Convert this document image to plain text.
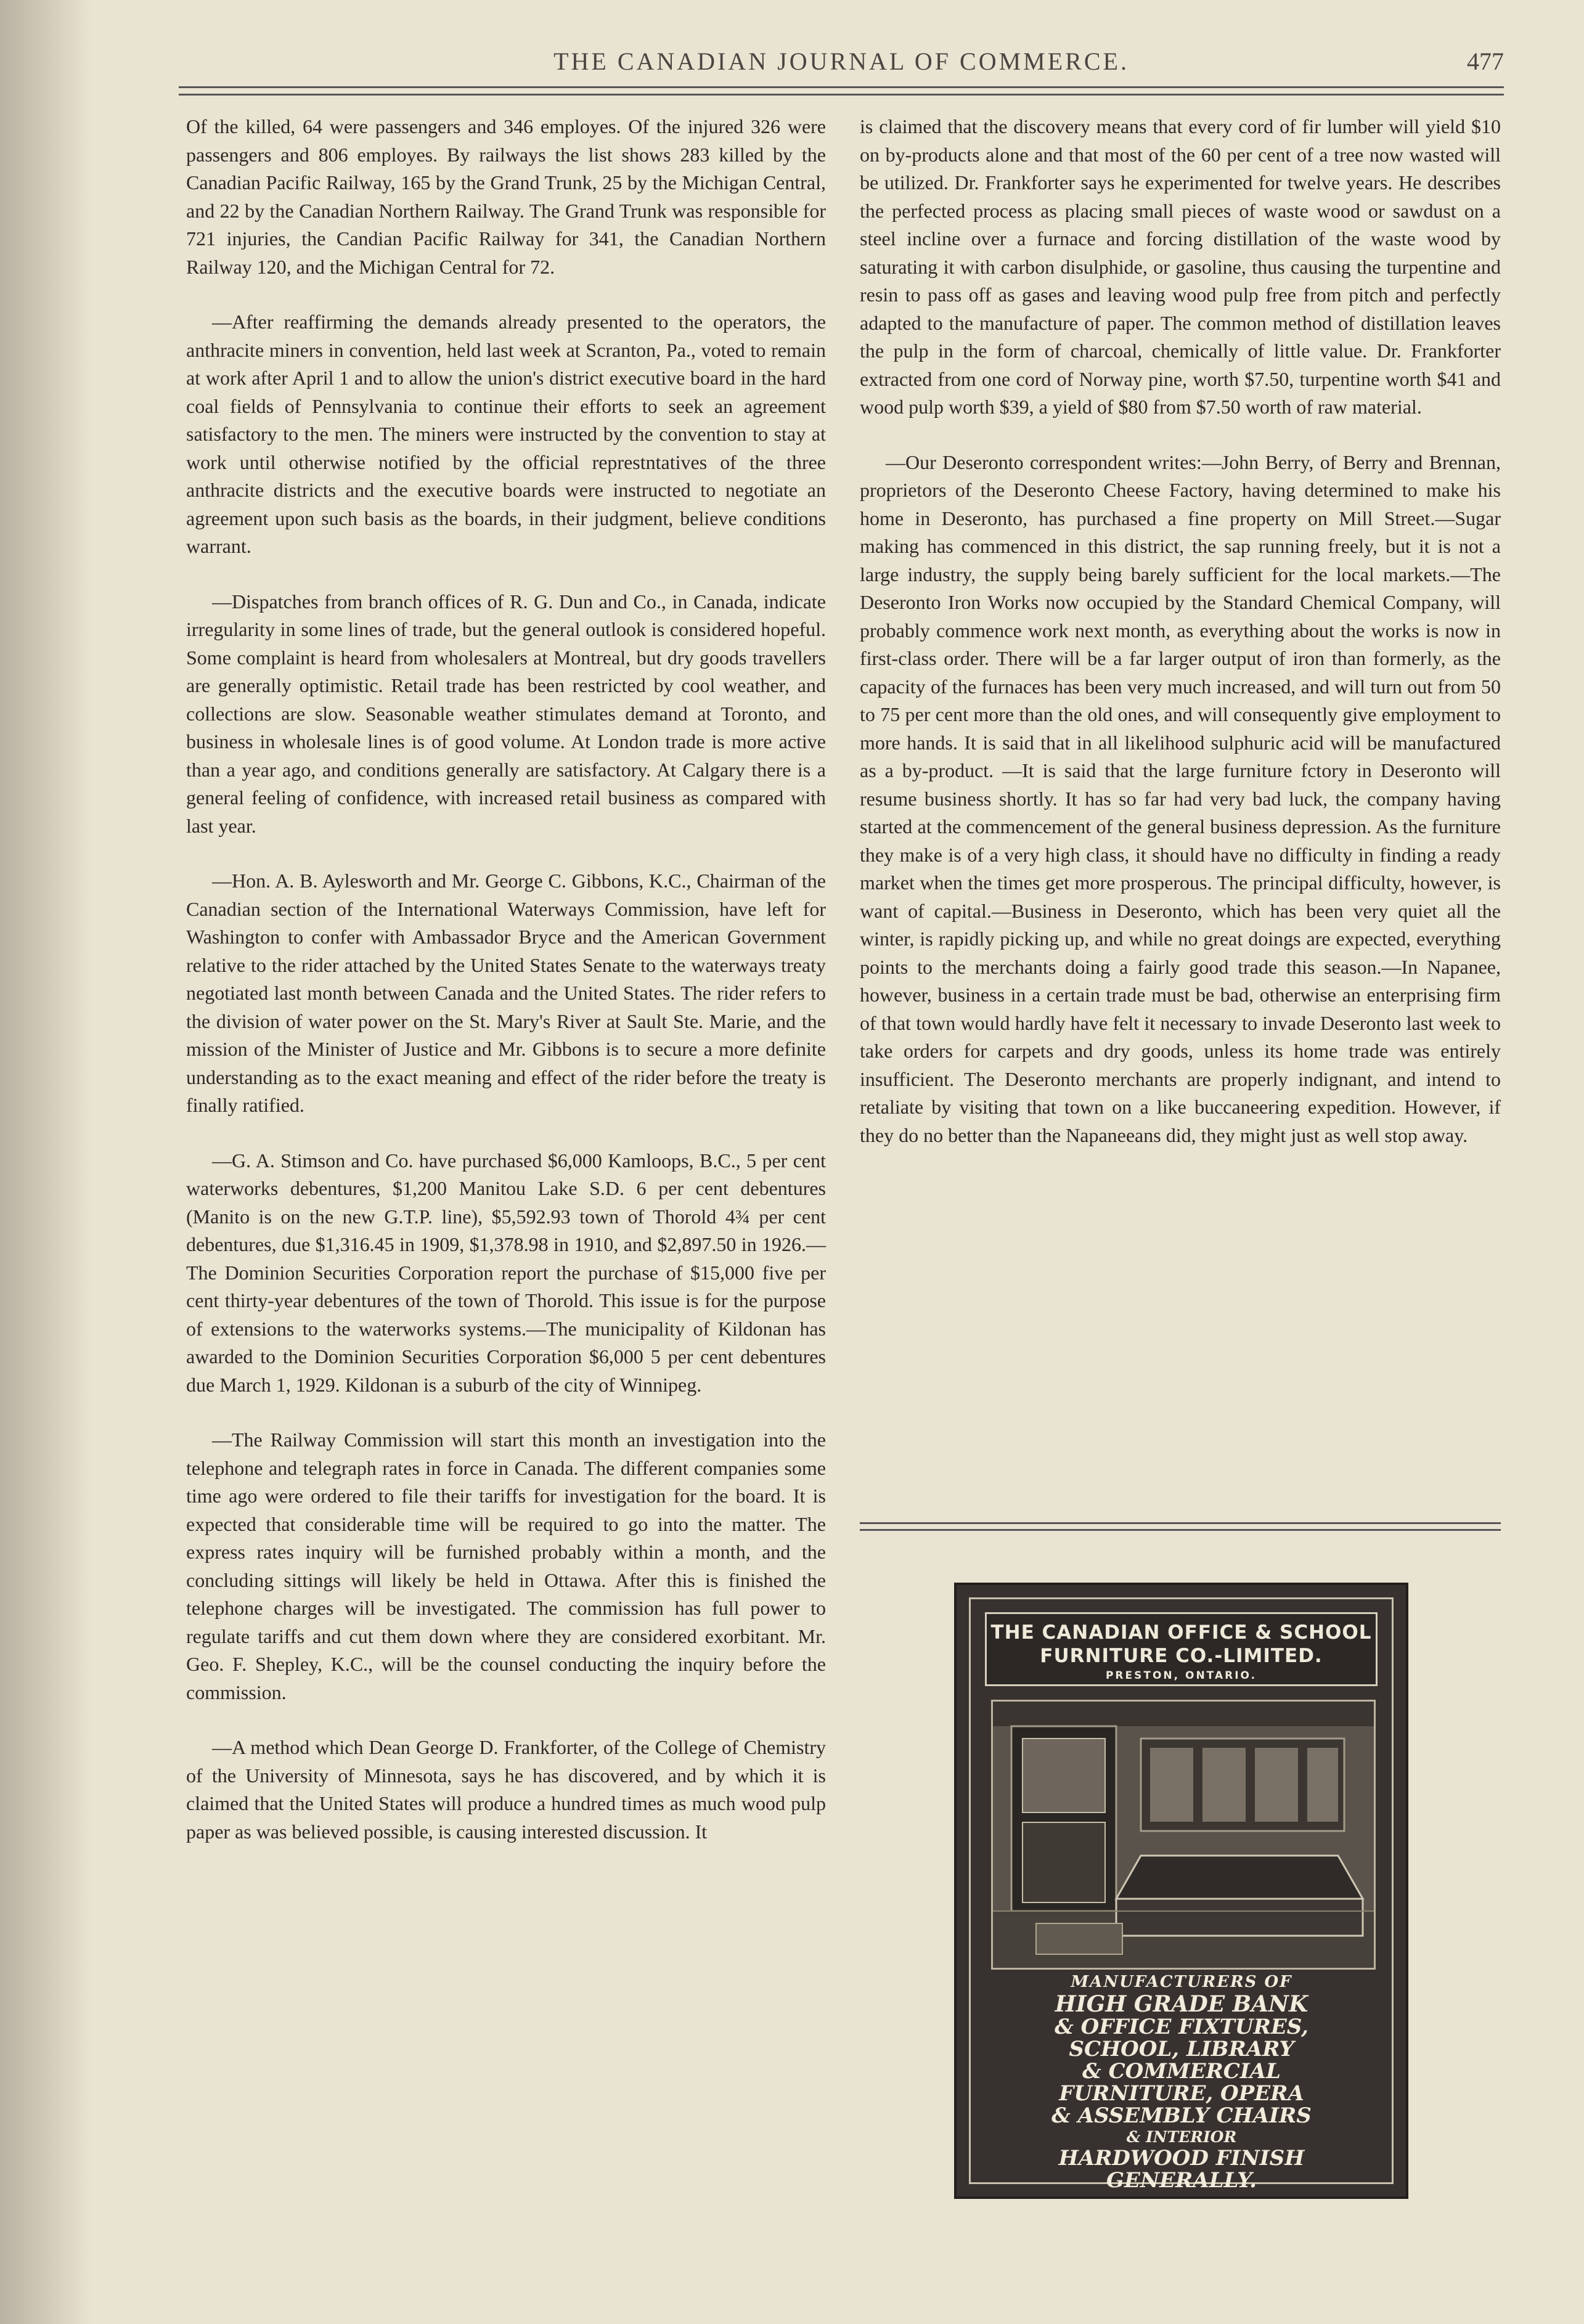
THE CANADIAN JOURNAL OF COMMERCE.	477

Of the killed, 64 were passengers and 346 employes. Of the injured 326 were passengers and 806 employes. By railways the list shows 283 killed by the Canadian Pacific Railway, 165 by the Grand Trunk, 25 by the Michigan Central, and 22 by the Canadian Northern Railway. The Grand Trunk was responsible for 721 injuries, the Candian Pacific Railway for 341, the Canadian Northern Railway 120, and the Michigan Central for 72.

—After reaffirming the demands already presented to the operators, the anthracite miners in convention, held last week at Scranton, Pa., voted to remain at work after April 1 and to allow the union's district executive board in the hard coal fields of Pennsylvania to continue their efforts to seek an agreement satisfactory to the men. The miners were instructed by the convention to stay at work until otherwise notified by the official represtntatives of the three anthracite districts and the executive boards were instructed to negotiate an agreement upon such basis as the boards, in their judgment, believe conditions warrant.

—Dispatches from branch offices of R. G. Dun and Co., in Canada, indicate irregularity in some lines of trade, but the general outlook is considered hopeful. Some complaint is heard from wholesalers at Montreal, but dry goods travellers are generally optimistic. Retail trade has been restricted by cool weather, and collections are slow. Seasonable weather stimulates demand at Toronto, and business in wholesale lines is of good volume. At London trade is more active than a year ago, and conditions generally are satisfactory. At Calgary there is a general feeling of confidence, with increased retail business as compared with last year.

—Hon. A. B. Aylesworth and Mr. George C. Gibbons, K.C., Chairman of the Canadian section of the International Waterways Commission, have left for Washington to confer with Ambassador Bryce and the American Government relative to the rider attached by the United States Senate to the waterways treaty negotiated last month between Canada and the United States. The rider refers to the division of water power on the St. Mary's River at Sault Ste. Marie, and the mission of the Minister of Justice and Mr. Gibbons is to secure a more definite understanding as to the exact meaning and effect of the rider before the treaty is finally ratified.

—G. A. Stimson and Co. have purchased $6,000 Kamloops, B.C., 5 per cent waterworks debentures, $1,200 Manitou Lake S.D. 6 per cent debentures (Manito is on the new G.T.P. line), $5,592.93 town of Thorold 4¾ per cent debentures, due $1,316.45 in 1909, $1,378.98 in 1910, and $2,897.50 in 1926.—The Dominion Securities Corporation report the purchase of $15,000 five per cent thirty-year debentures of the town of Thorold. This issue is for the purpose of extensions to the waterworks systems.—The municipality of Kildonan has awarded to the Dominion Securities Corporation $6,000 5 per cent debentures due March 1, 1929. Kildonan is a suburb of the city of Winnipeg.

—The Railway Commission will start this month an investigation into the telephone and telegraph rates in force in Canada. The different companies some time ago were ordered to file their tariffs for investigation for the board. It is expected that considerable time will be required to go into the matter. The express rates inquiry will be furnished probably within a month, and the concluding sittings will likely be held in Ottawa. After this is finished the telephone charges will be investigated. The commission has full power to regulate tariffs and cut them down where they are considered exorbitant. Mr. Geo. F. Shepley, K.C., will be the counsel conducting the inquiry before the commission.

—A method which Dean George D. Frankforter, of the College of Chemistry of the University of Minnesota, says he has discovered, and by which it is claimed that the United States will produce a hundred times as much wood pulp paper as was believed possible, is causing interested discussion. It

is claimed that the discovery means that every cord of fir lumber will yield $10 on by-products alone and that most of the 60 per cent of a tree now wasted will be utilized. Dr. Frankforter says he experimented for twelve years. He describes the perfected process as placing small pieces of waste wood or sawdust on a steel incline over a furnace and forcing distillation of the waste wood by saturating it with carbon disulphide, or gasoline, thus causing the turpentine and resin to pass off as gases and leaving wood pulp free from pitch and perfectly adapted to the manufacture of paper. The common method of distillation leaves the pulp in the form of charcoal, chemically of little value. Dr. Frankforter extracted from one cord of Norway pine, worth $7.50, turpentine worth $41 and wood pulp worth $39, a yield of $80 from $7.50 worth of raw material.

—Our Deseronto correspondent writes:—John Berry, of Berry and Brennan, proprietors of the Deseronto Cheese Factory, having determined to make his home in Deseronto, has purchased a fine property on Mill Street.—Sugar making has commenced in this district, the sap running freely, but it is not a large industry, the supply being barely sufficient for the local markets.—The Deseronto Iron Works now occupied by the Standard Chemical Company, will probably commence work next month, as everything about the works is now in first-class order. There will be a far larger output of iron than formerly, as the capacity of the furnaces has been very much increased, and will turn out from 50 to 75 per cent more than the old ones, and will consequently give employment to more hands. It is said that in all likelihood sulphuric acid will be manufactured as a by-product. —It is said that the large furniture fctory in Deseronto will resume business shortly. It has so far had very bad luck, the company having started at the commencement of the general business depression. As the furniture they make is of a very high class, it should have no difficulty in finding a ready market when the times get more prosperous. The principal difficulty, however, is want of capital.—Business in Deseronto, which has been very quiet all the winter, is rapidly picking up, and while no great doings are expected, everything points to the merchants doing a fairly good trade this season.—In Napanee, however, business in a certain trade must be bad, otherwise an enterprising firm of that town would hardly have felt it necessary to invade Deseronto last week to take orders for carpets and dry goods, unless its home trade was entirely insufficient. The Deseronto merchants are properly indignant, and intend to retaliate by visiting that town on a like buccaneering expedition. However, if they do no better than the Napaneeans did, they might just as well stop away.

THE CANADIAN OFFICE & SCHOOL
FURNITURE CO.-LIMITED.
PRESTON, ONTARIO.
MANUFACTURERS OF
HIGH GRADE BANK
& OFFICE FIXTURES,
SCHOOL, LIBRARY
& COMMERCIAL
FURNITURE, OPERA
& ASSEMBLY CHAIRS
& INTERIOR
HARDWOOD FINISH
GENERALLY.
